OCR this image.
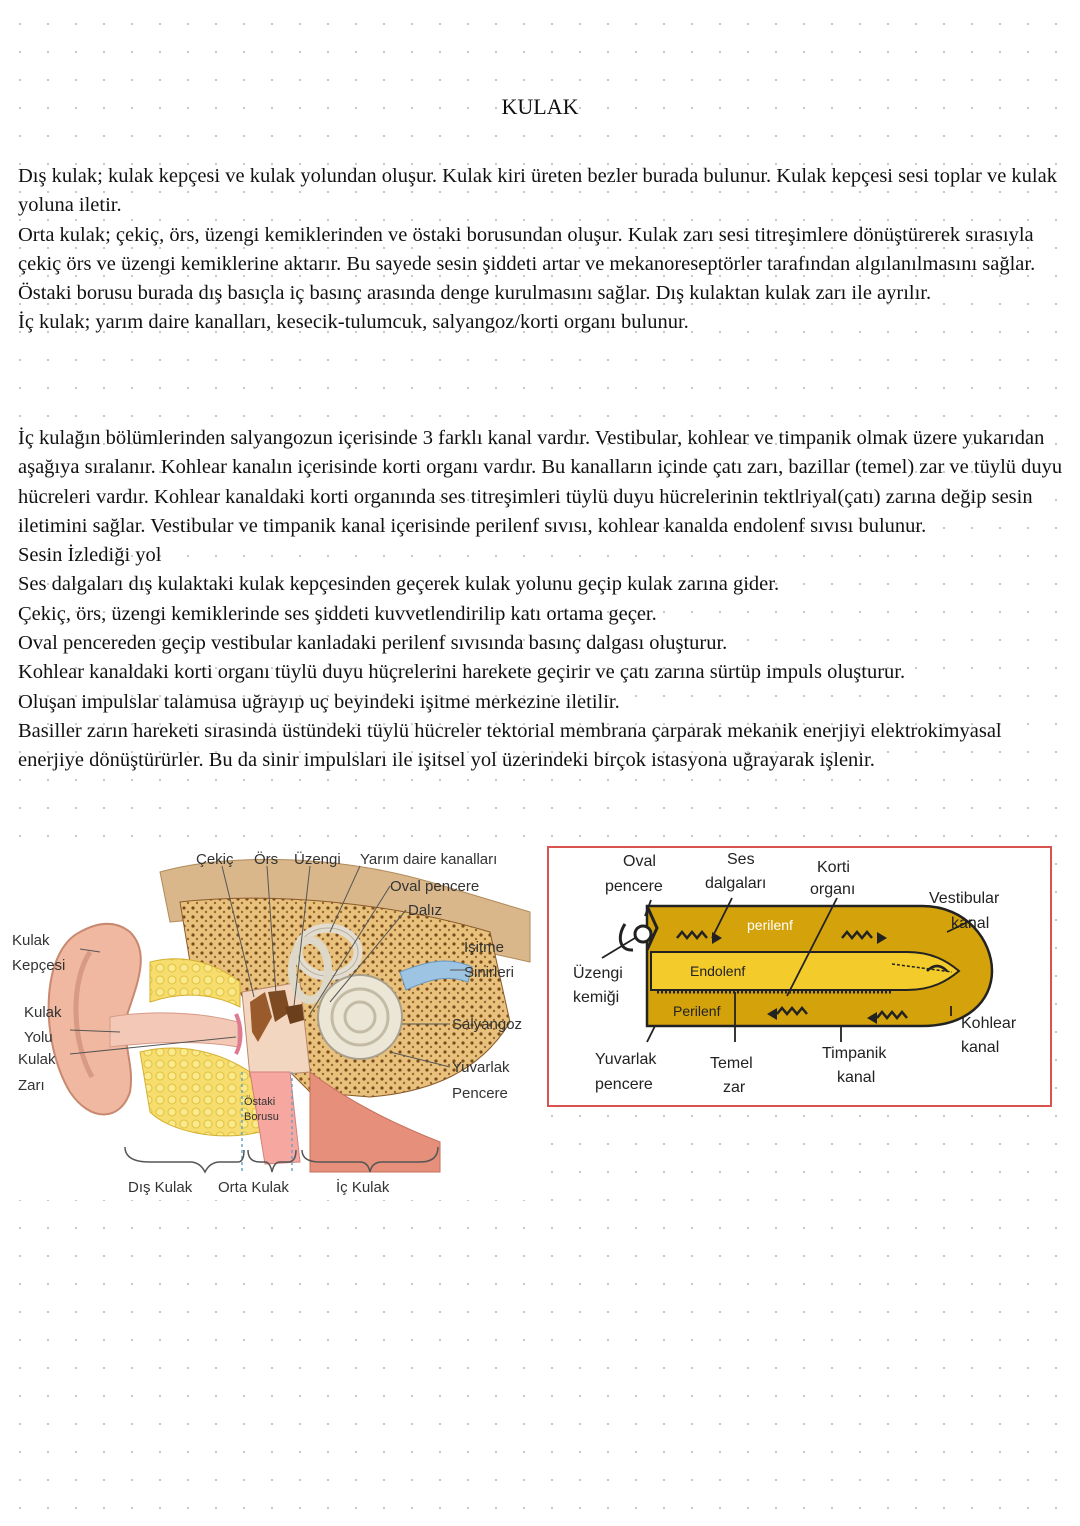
KULAK

Dış kulak; kulak kepçesi ve kulak yolundan oluşur. Kulak kiri üreten bezler burada bulunur. Kulak kepçesi sesi toplar ve kulak yoluna iletir.

Orta kulak; çekiç, örs, üzengi kemiklerinden ve östaki borusundan oluşur. Kulak zarı sesi titreşimlere dönüştürerek sırasıyla çekiç örs ve üzengi kemiklerine aktarır. Bu sayede sesin şiddeti artar ve mekanoreseptörler tarafından algılanılmasını sağlar. Östaki borusu burada dış basıçla iç basınç arasında denge kurulmasını sağlar. Dış kulaktan kulak zarı ile ayrılır.

İç kulak; yarım daire kanalları, kesecik-tulumcuk, salyangoz/korti organı bulunur.

İç kulağın bölümlerinden salyangozun içerisinde 3 farklı kanal vardır. Vestibular, kohlear ve timpanik olmak üzere yukarıdan aşağıya sıralanır. Kohlear kanalın içerisinde korti organı vardır. Bu kanalların içinde çatı zarı, bazillar (temel) zar ve tüylü duyu hücreleri vardır. Kohlear kanaldaki korti organında ses titreşimleri tüylü duyu hücrelerinin tektlriyal(çatı) zarına değip sesin iletimini sağlar. Vestibular ve timpanik kanal içerisinde perilenf sıvısı, kohlear kanalda endolenf sıvısı bulunur.

Sesin İzlediği yol

Ses dalgaları dış kulaktaki kulak kepçesinden geçerek kulak yolunu geçip kulak zarına gider.

Çekiç, örs, üzengi kemiklerinde ses şiddeti kuvvetlendirilip katı ortama geçer.

Oval pencereden geçip vestibular kanladaki perilenf sıvısında basınç dalgası oluşturur.

Kohlear kanaldaki korti organı tüylü duyu hüçrelerini harekete geçirir ve çatı zarına sürtüp impuls oluşturur.

Oluşan impulslar talamusa uğrayıp uç beyindeki işitme merkezine iletilir.

Basiller zarın hareketi sırasında üstündeki tüylü hücreler tektorial membrana çarparak mekanik enerjiyi elektrokimyasal enerjiye dönüştürürler. Bu da sinir impulsları ile işitsel yol üzerindeki birçok istasyona uğrayarak işlenir.

Çekiç Örs Üzengi Yarım daire kanalları
Oval pencere
Dalız
Kulak
Kepçesi
İşitme
Sinirleri
Kulak
Yolu
Kulak
Zarı
Salyangoz
Yuvarlak
Pencere
Östaki
Borusu
Dış Kulak Orta Kulak	İç Kulak
Oval
pencere
Ses
dalgaları
Korti
organı
Vestibular
kanal
perilenf
Endolenf
Perilenf
Üzengi
kemiği
Kohlear
kanal
Yuvarlak
pencere
Temel
zar
Timpanik
kanal
